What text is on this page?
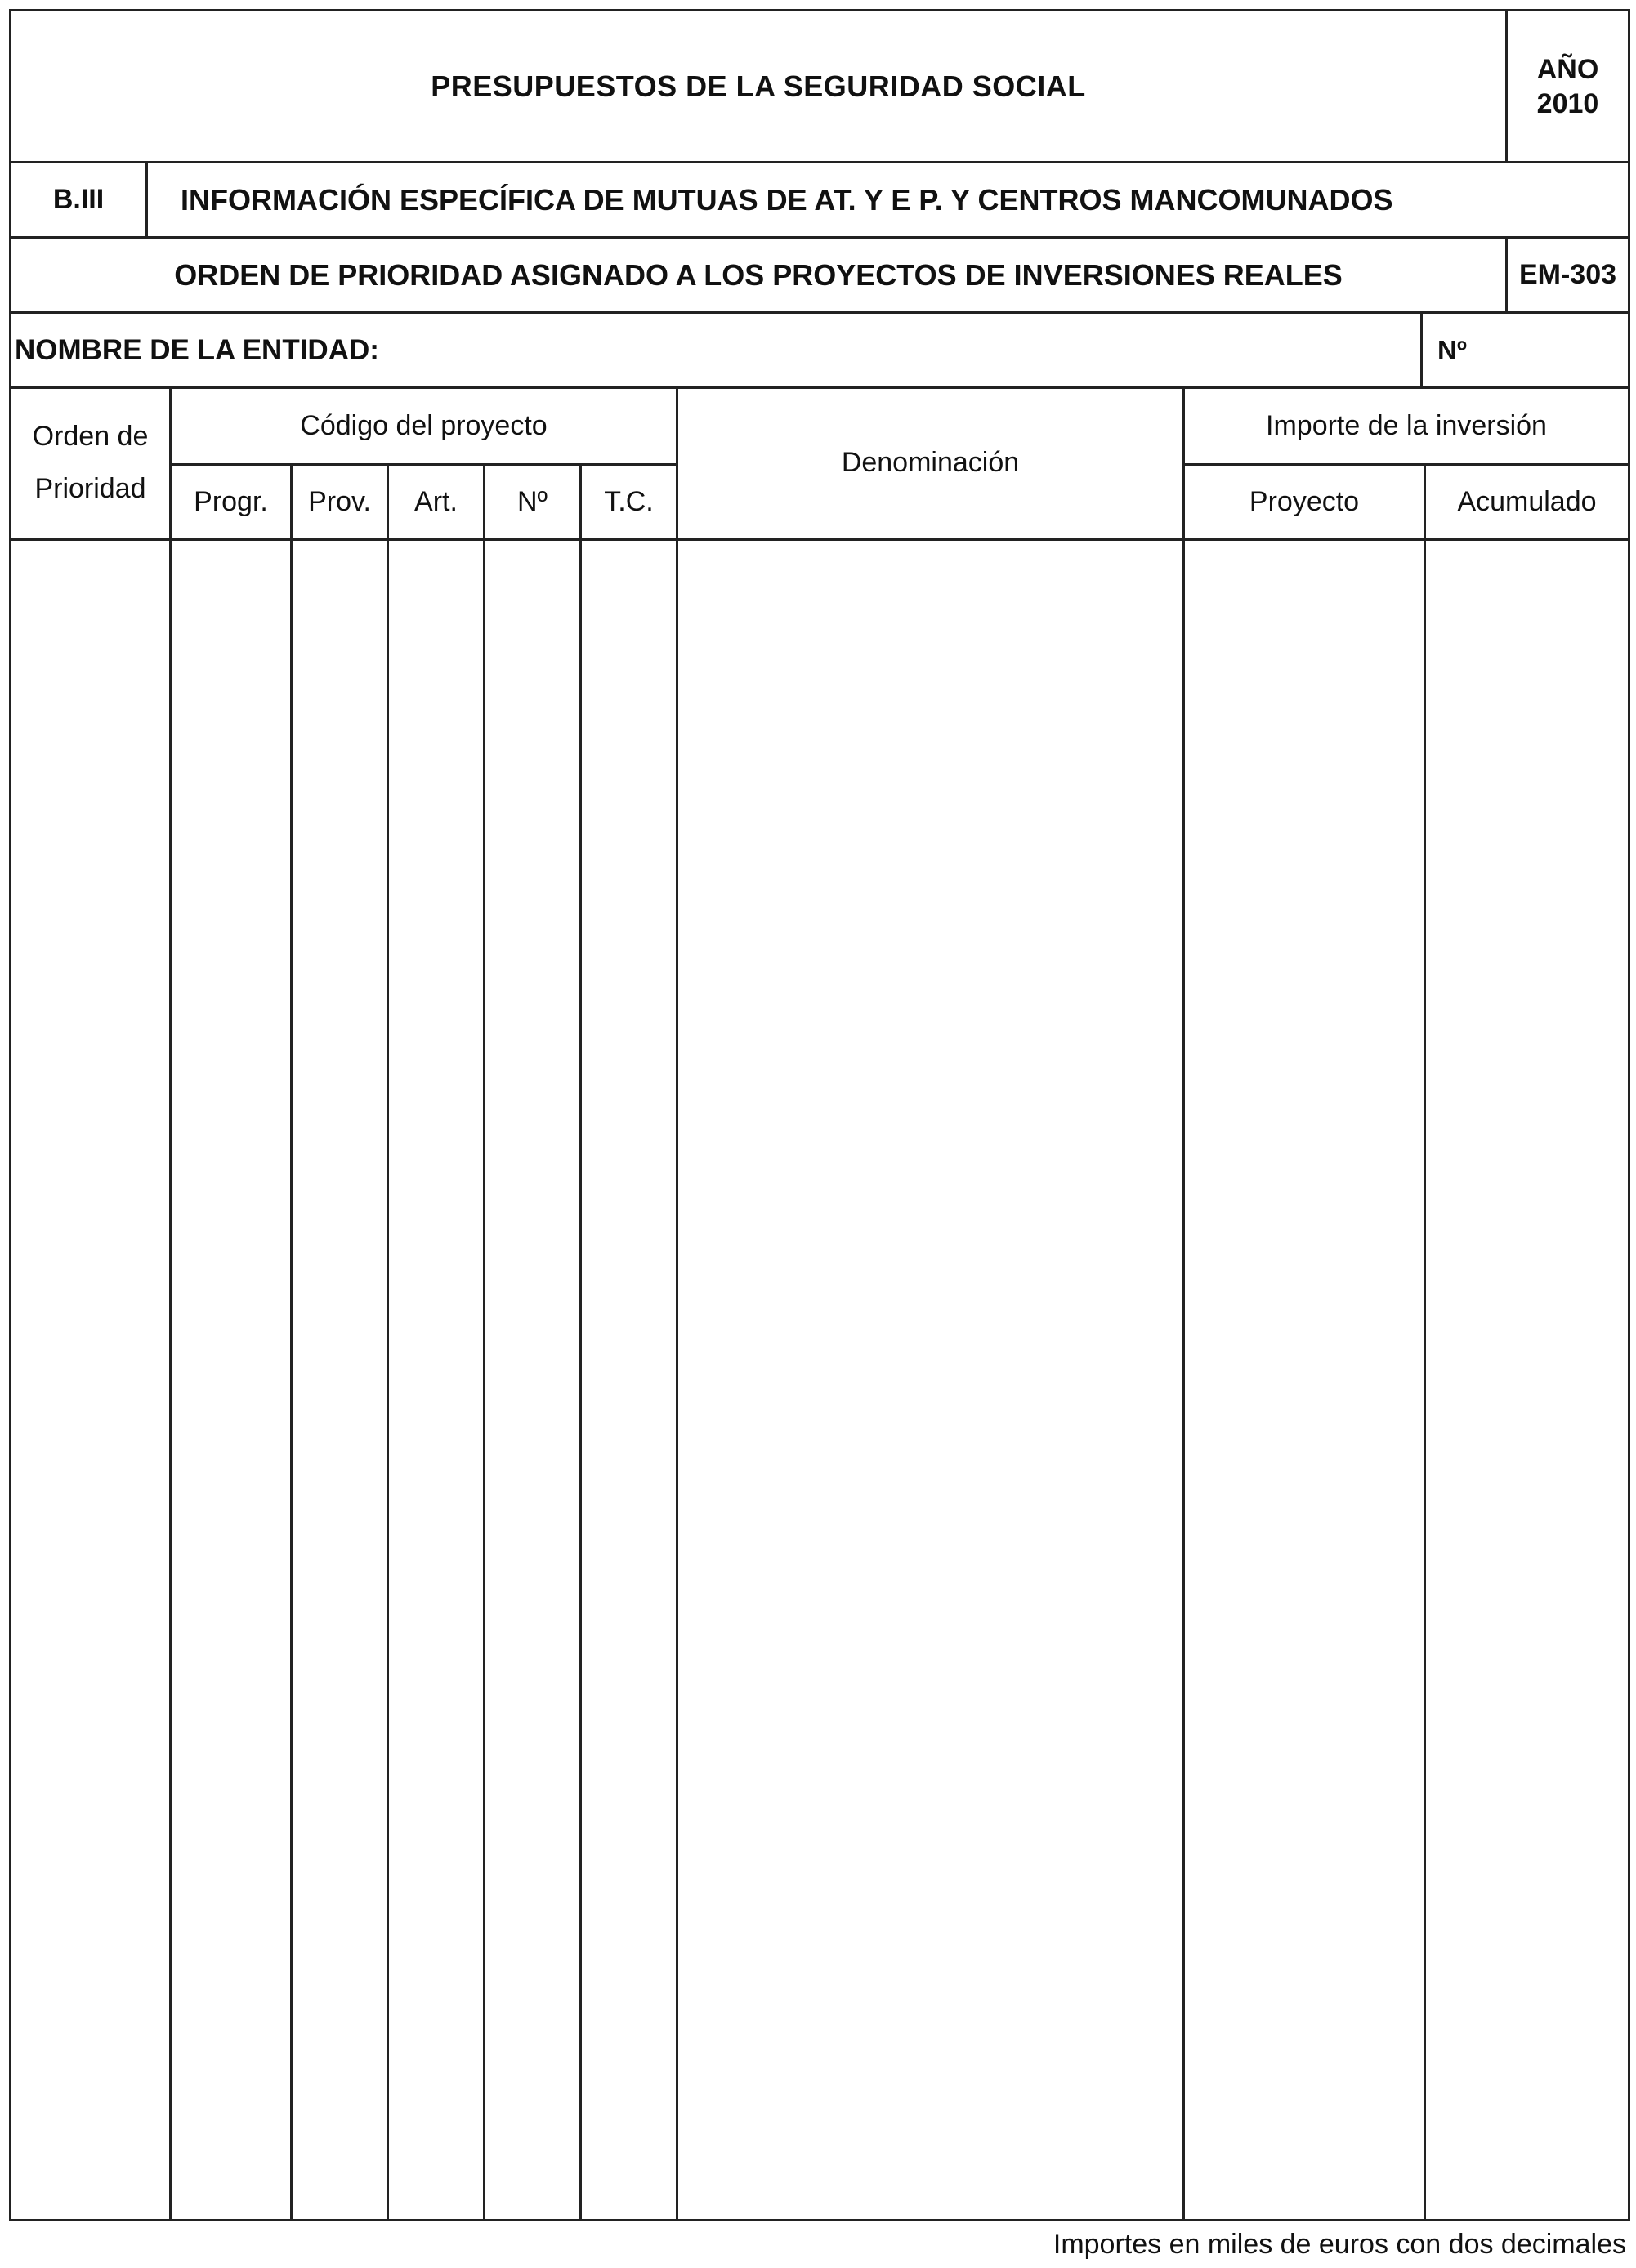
PRESUPUESTOS DE LA SEGURIDAD SOCIAL	AÑO
2010
B.III	INFORMACIÓN ESPECÍFICA DE MUTUAS DE AT. Y E P. Y CENTROS MANCOMUNADOS
ORDEN DE PRIORIDAD ASIGNADO A LOS PROYECTOS DE INVERSIONES REALES	EM-303
NOMBRE DE LA ENTIDAD:	Nº
Orden de
Prioridad
Código del proyecto
Progr.	Prov.	Art.	Nº	T.C.
Denominación
Importe de la inversión
Proyecto	Acumulado
Importes en miles de euros con dos decimales
